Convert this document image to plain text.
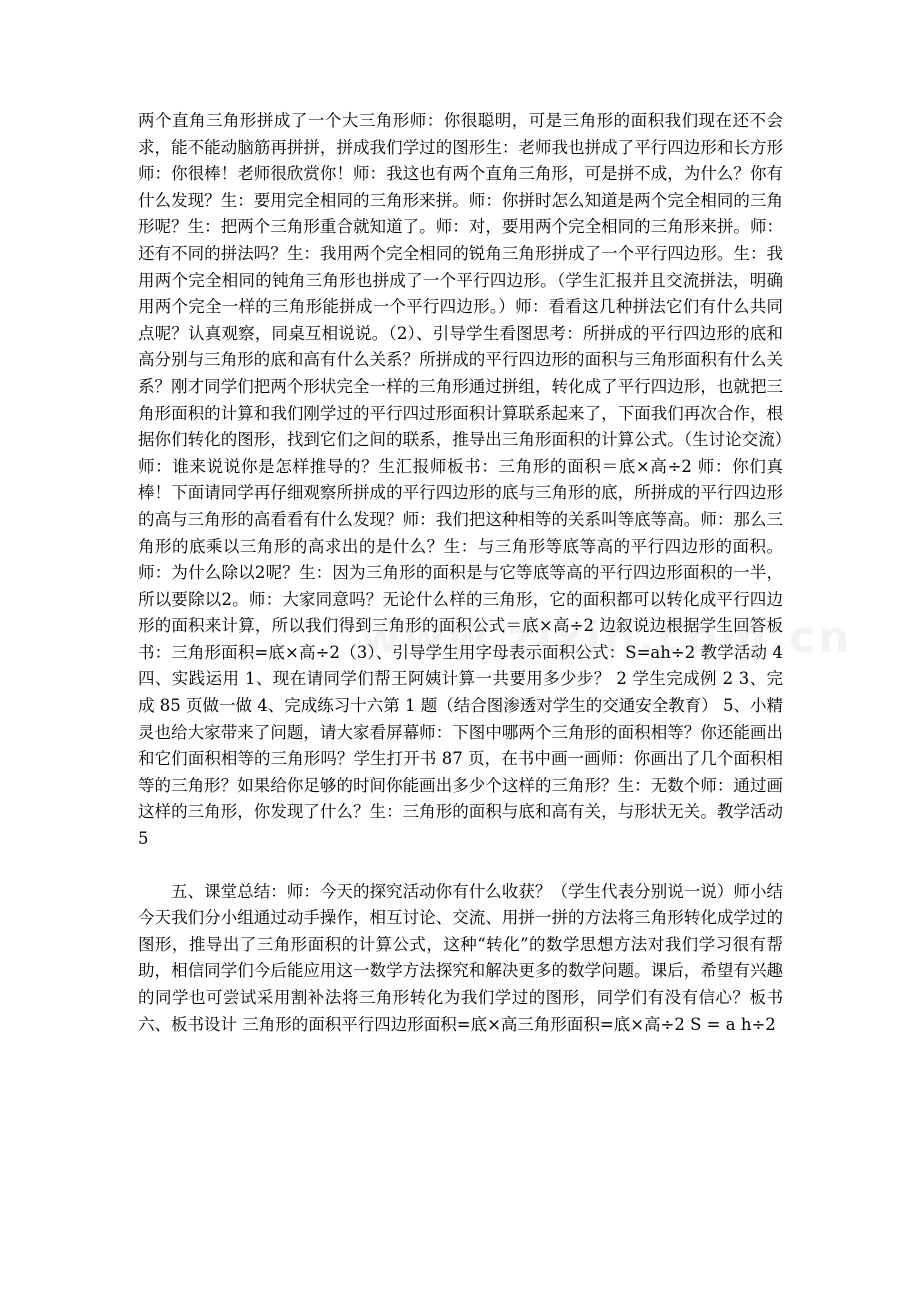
两个直角三角形拼成了一个大三角形师：你很聪明，可是三角形的面积我们现在还不会求，能不能动脑筋再拼拼，拼成我们学过的图形生：老师我也拼成了平行四边形和长方形师：你很棒！老师很欣赏你！师：我这也有两个直角三角形，可是拼不成，为什么？你有什么发现？生：要用完全相同的三角形来拼。师：你拼时怎么知道是两个完全相同的三角形呢？生：把两个三角形重合就知道了。师：对，要用两个完全相同的三角形来拼。师：还有不同的拼法吗？生：我用两个完全相同的锐角三角形拼成了一个平行四边形。生：我用两个完全相同的钝角三角形也拼成了一个平行四边形。（学生汇报并且交流拼法，明确用两个完全一样的三角形能拼成一个平行四边形。）师：看看这几种拼法它们有什么共同点呢？认真观察，同桌互相说说。（2）、引导学生看图思考：所拼成的平行四边形的底和高分别与三角形的底和高有什么关系？所拼成的平行四边形的面积与三角形面积有什么关系？刚才同学们把两个形状完全一样的三角形通过拼组，转化成了平行四边形，也就把三角形面积的计算和我们刚学过的平行四过形面积计算联系起来了，下面我们再次合作，根据你们转化的图形，找到它们之间的联系，推导出三角形面积的计算公式。（生讨论交流）师：谁来说说你是怎样推导的？生汇报师板书：三角形的面积＝底×高÷2 师：你们真棒！下面请同学再仔细观察所拼成的平行四边形的底与三角形的底，所拼成的平行四边形的高与三角形的高看看有什么发现？师：我们把这种相等的关系叫等底等高。师：那么三角形的底乘以三角形的高求出的是什么？生：与三角形等底等高的平行四边形的面积。师：为什么除以2呢？生：因为三角形的面积是与它等底等高的平行四边形面积的一半，所以要除以2。师：大家同意吗？无论什么样的三角形，它的面积都可以转化成平行四边形的面积来计算，所以我们得到三角形的面积公式＝底×高÷2 边叙说边根据学生回答板书：三角形面积=底×高÷2（3）、引导学生用字母表示面积公式：S=ah÷2 教学活动 4 四、实践运用 1、现在请同学们帮王阿姨计算一共要用多少步？ 2 学生完成例 2 3、完成 85 页做一做 4、完成练习十六第 1 题（结合图渗透对学生的交通安全教育） 5、小精灵也给大家带来了问题，请大家看屏幕师：下图中哪两个三角形的面积相等？你还能画出和它们面积相等的三角形吗？学生打开书 87 页，在书中画一画师：你画出了几个面积相等的三角形？如果给你足够的时间你能画出多少个这样的三角形？生：无数个师：通过画这样的三角形，你发现了什么？生：三角形的面积与底和高有关，与形状无关。教学活动 5

五、课堂总结：师：今天的探究活动你有什么收获？（学生代表分别说一说）师小结 今天我们分小组通过动手操作，相互讨论、交流、用拼一拼的方法将三角形转化成学过的图形，推导出了三角形面积的计算公式，这种“转化”的数学思想方法对我们学习很有帮助，相信同学们今后能应用这一数学方法探究和解决更多的数学问题。课后，希望有兴趣的同学也可尝试采用割补法将三角形转化为我们学过的图形，同学们有没有信心？板书六、板书设计 三角形的面积平行四边形面积=底×高三角形面积=底×高÷2 S = a h÷2
